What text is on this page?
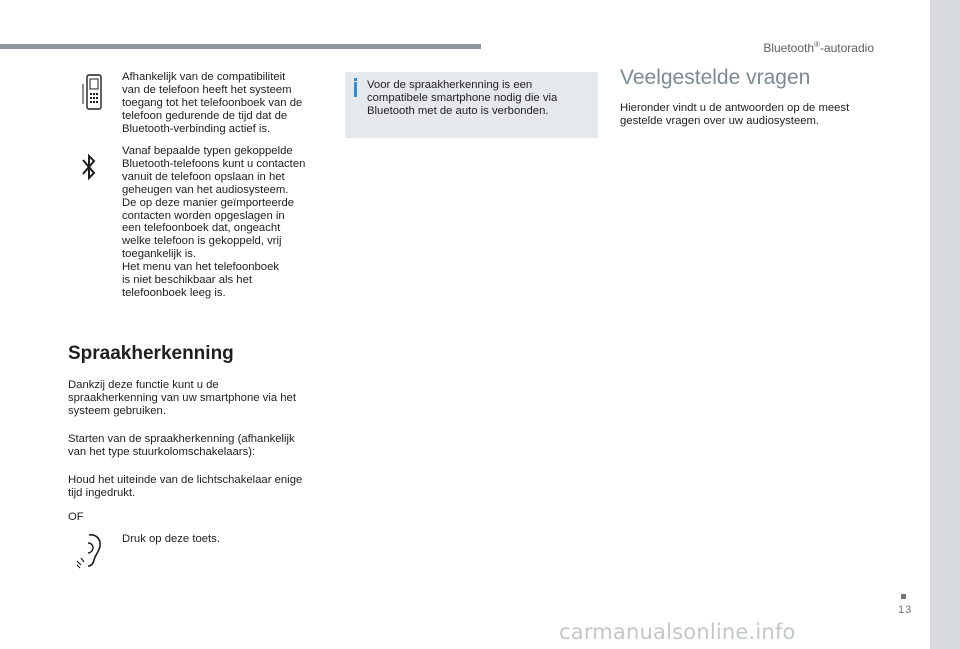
Bluetooth®-autoradio
Afhankelijk van de compatibiliteit
van de telefoon heeft het systeem
toegang tot het telefoonboek van de
telefoon gedurende de tijd dat de
Bluetooth-verbinding actief is.
Vanaf bepaalde typen gekoppelde
Bluetooth-telefoons kunt u contacten
vanuit de telefoon opslaan in het
geheugen van het audiosysteem.
De op deze manier geïmporteerde
contacten worden opgeslagen in
een telefoonboek dat, ongeacht
welke telefoon is gekoppeld, vrij
toegankelijk is.
Het menu van het telefoonboek
is niet beschikbaar als het
telefoonboek leeg is.
Spraakherkenning
Dankzij deze functie kunt u de
spraakherkenning van uw smartphone via het
systeem gebruiken.
Starten van de spraakherkenning (afhankelijk
van het type stuurkolomschakelaars):
Houd het uiteinde van de lichtschakelaar enige
tijd ingedrukt.
OF
Druk op deze toets.
Voor de spraakherkenning is een
compatibele smartphone nodig die via
Bluetooth met de auto is verbonden.
Veelgestelde vragen
Hieronder vindt u de antwoorden op de meest
gestelde vragen over uw audiosysteem.
13
carmanualsonline.info
